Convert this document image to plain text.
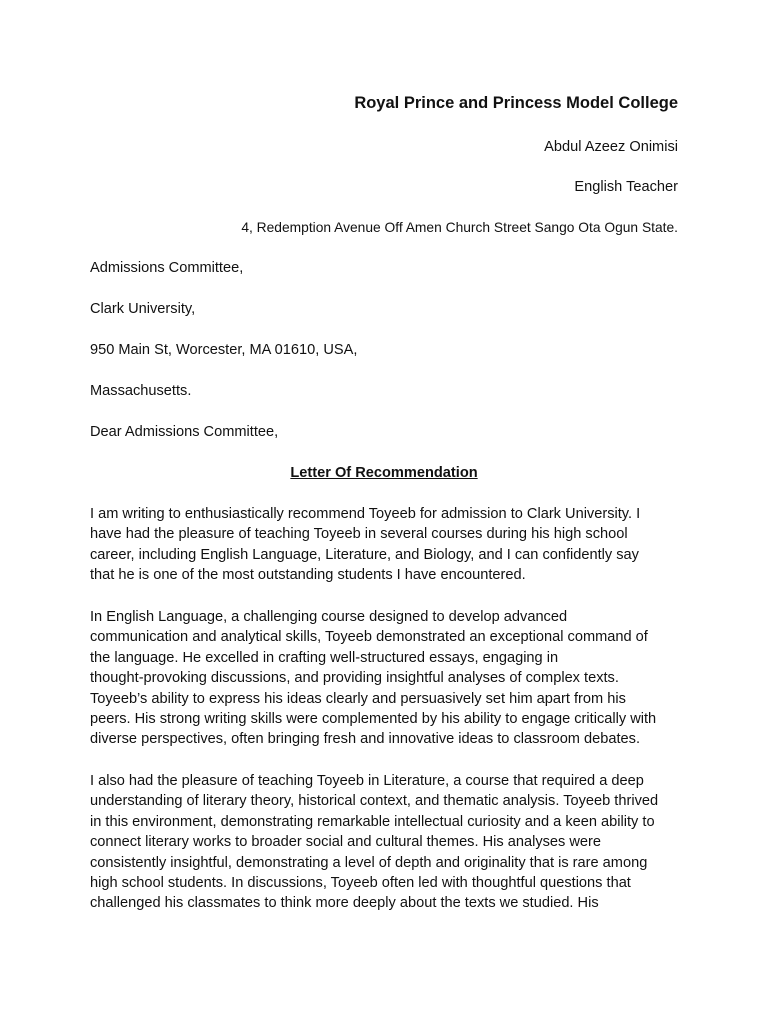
Royal Prince and Princess Model College
Abdul Azeez Onimisi
English Teacher
4, Redemption Avenue Off Amen Church Street Sango Ota Ogun State.
Admissions Committee,
Clark University,
950 Main St, Worcester, MA 01610, USA,
Massachusetts.
Dear Admissions Committee,
Letter Of Recommendation
I am writing to enthusiastically recommend Toyeeb for admission to Clark University. I
have had the pleasure of teaching Toyeeb in several courses during his high school
career, including English Language, Literature, and Biology, and I can confidently say
that he is one of the most outstanding students I have encountered.
In English Language, a challenging course designed to develop advanced
communication and analytical skills, Toyeeb demonstrated an exceptional command of
the language. He excelled in crafting well-structured essays, engaging in
thought-provoking discussions, and providing insightful analyses of complex texts.
Toyeeb’s ability to express his ideas clearly and persuasively set him apart from his
peers. His strong writing skills were complemented by his ability to engage critically with
diverse perspectives, often bringing fresh and innovative ideas to classroom debates.
I also had the pleasure of teaching Toyeeb in Literature, a course that required a deep
understanding of literary theory, historical context, and thematic analysis. Toyeeb thrived
in this environment, demonstrating remarkable intellectual curiosity and a keen ability to
connect literary works to broader social and cultural themes. His analyses were
consistently insightful, demonstrating a level of depth and originality that is rare among
high school students. In discussions, Toyeeb often led with thoughtful questions that
challenged his classmates to think more deeply about the texts we studied. His
